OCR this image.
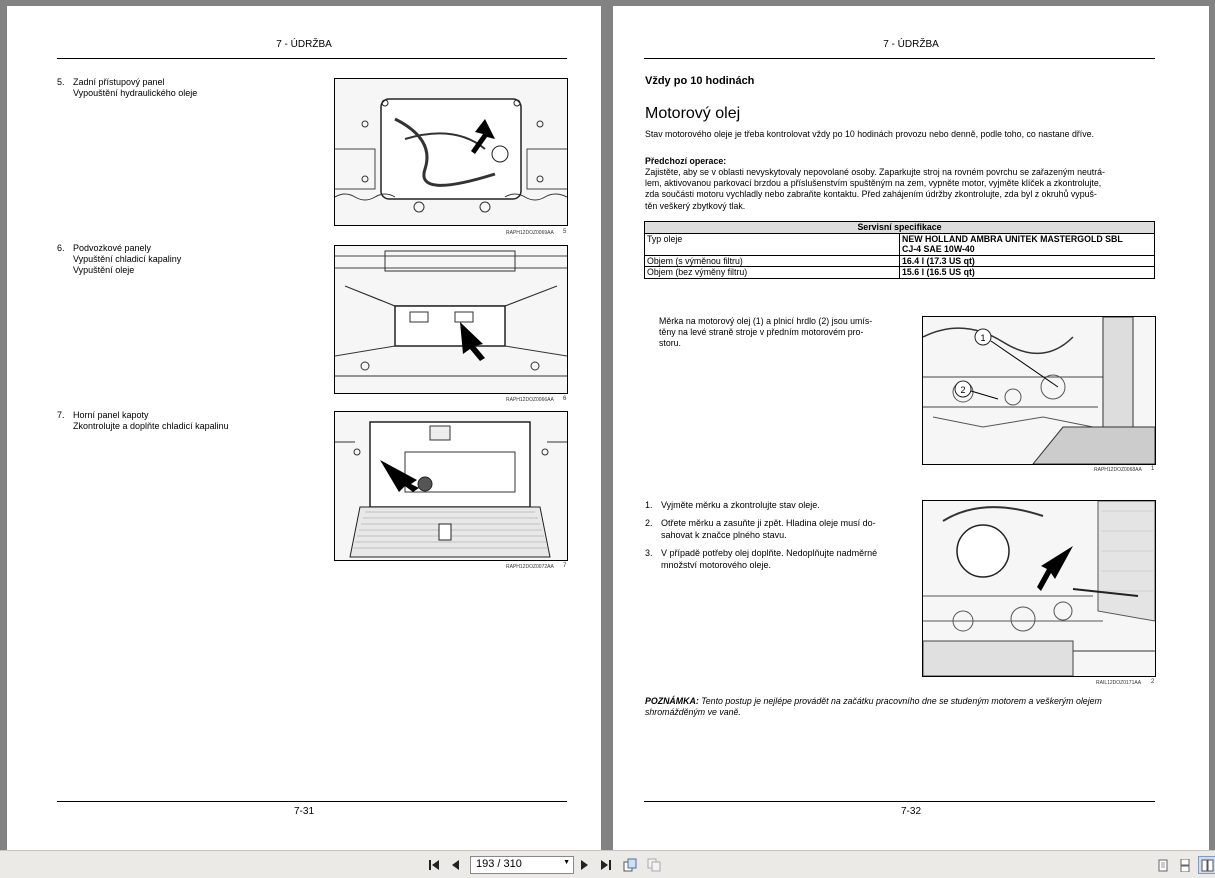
7 - ÚDRŽBA
5. Zadní přístupový panel
Vypouštění hydraulického oleje
RAPH12DOZ0069AA 5
6. Podvozkové panely
Vypuštění chladicí kapaliny
Vypuštění oleje
RAPH12DOZ0066AA 6
7. Horní panel kapoty
Zkontrolujte a doplňte chladicí kapalinu
RAPH12DOZ0072AA 7
7-31
7 - ÚDRŽBA
Vždy po 10 hodinách
Motorový olej
Stav motorového oleje je třeba kontrolovat vždy po 10 hodinách provozu nebo denně, podle toho, co nastane dříve.
Předchozí operace:
Zajistěte, aby se v oblasti nevyskytovaly nepovolané osoby. Zaparkujte stroj na rovném povrchu se zařazeným neutrá-
lem, aktivovanou parkovací brzdou a příslušenstvím spuštěným na zem, vypněte motor, vyjměte klíček a zkontrolujte,
zda součásti motoru vychladly nebo zabraňte kontaktu. Před zahájením údržby zkontrolujte, zda byl z okruhů vypuš-
těn veškerý zbytkový tlak.
Servisní specifikace	
Typ oleje	NEW HOLLAND AMBRA UNITEK MASTERGOLD SBL
CJ-4 SAE 10W-40

Objem (s výměnou filtru)	16.4 l (17.3 US qt)
Objem (bez výměny filtru)	15.6 l (16.5 US qt)
Měrka na motorový olej (1) a plnicí hrdlo (2) jsou umís-
těny na levé straně stroje v předním motorovém pro-
storu.
1
2
RAPH12DOZ0068AA 1
1. Vyjměte měrku a zkontrolujte stav oleje.
2. Otřete měrku a zasuňte ji zpět. Hladina oleje musí do-
sahovat k značce plného stavu.
3. V případě potřeby olej doplňte. Nedoplňujte nadměrné
množství motorového oleje.
RAIL12DOZ0171AA 2
POZNÁMKA: Tento postup je nejlépe provádět na začátku pracovního dne se studeným motorem a veškerým olejem
shromážděným ve vaně.
7-32
193 / 310	▼
